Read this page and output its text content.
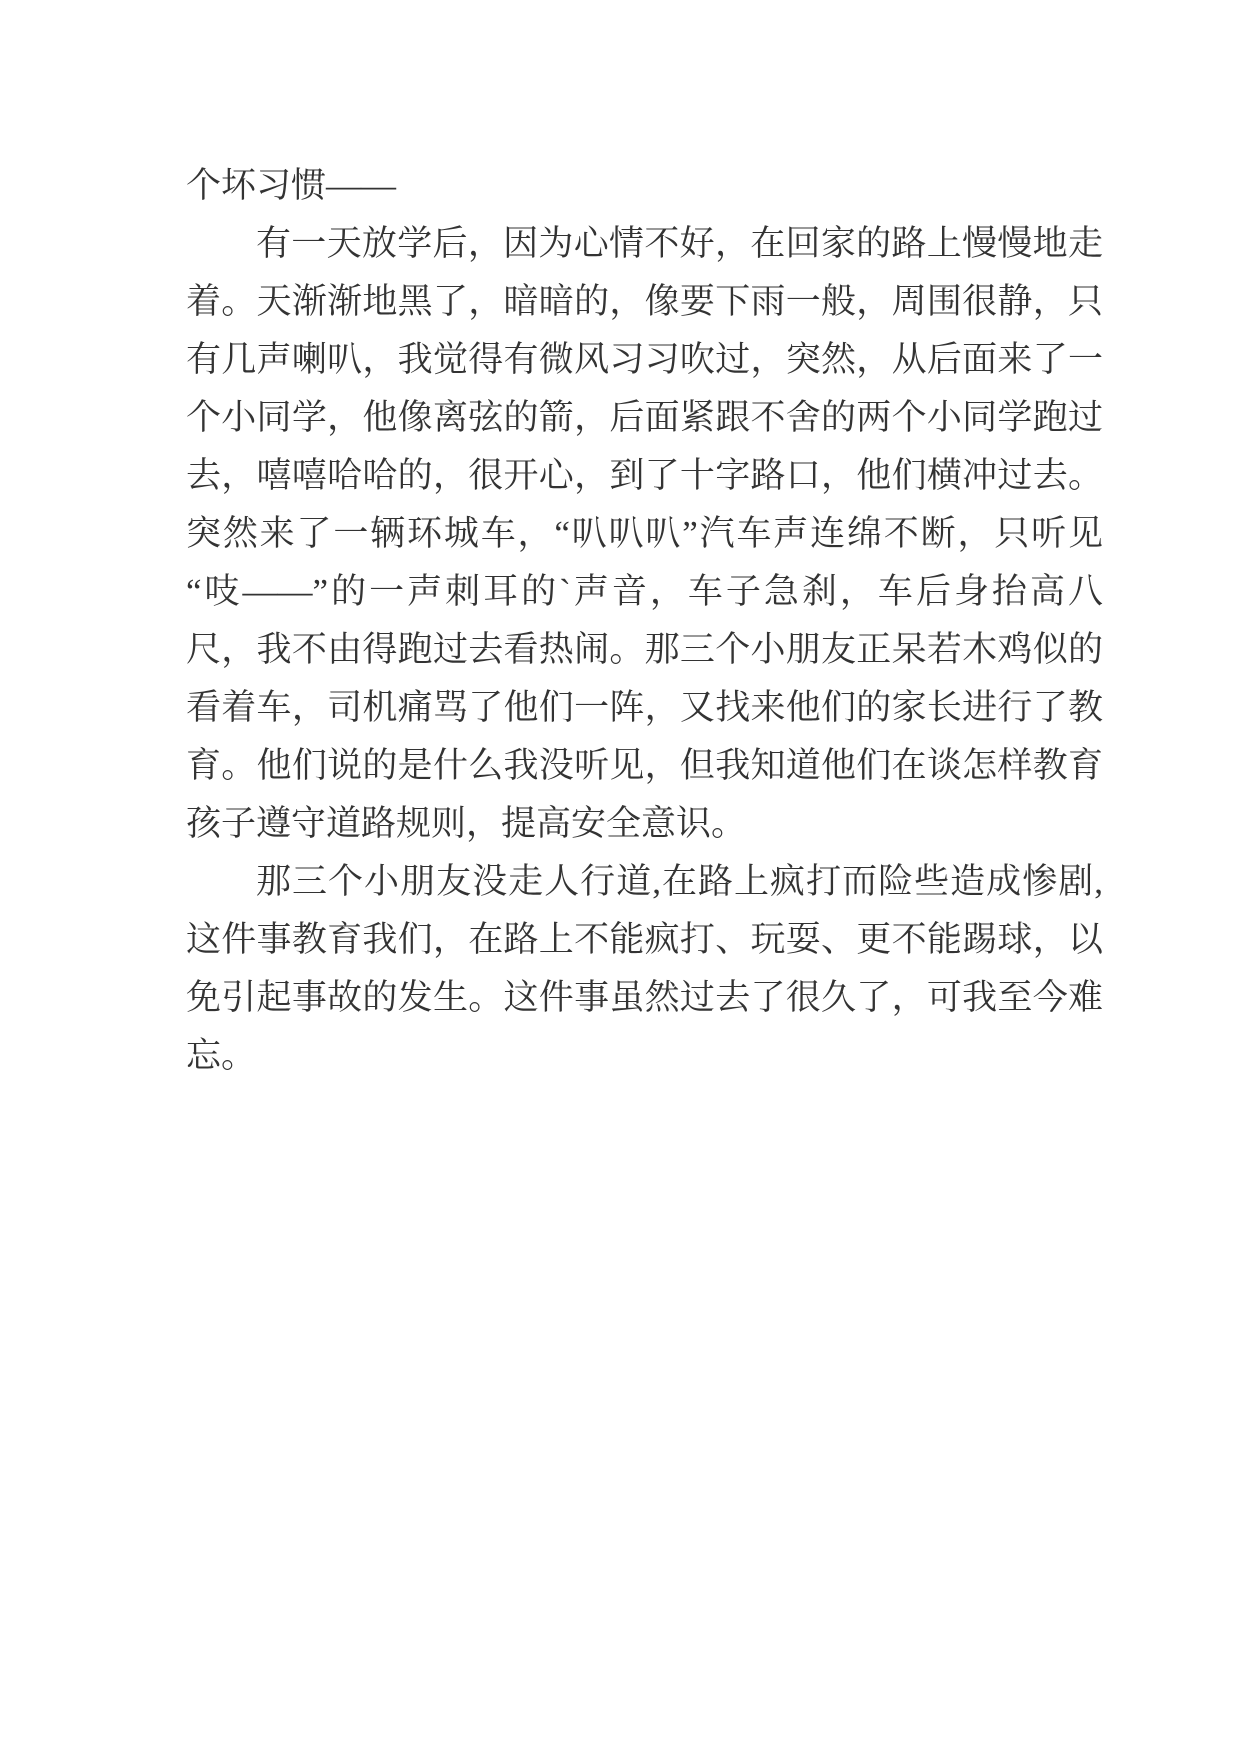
个坏习惯——
有一天放学后，因为心情不好，在回家的路上慢慢地走
着。天渐渐地黑了，暗暗的，像要下雨一般，周围很静，只
有几声喇叭，我觉得有微风习习吹过，突然，从后面来了一
个小同学，他像离弦的箭，后面紧跟不舍的两个小同学跑过
去，嘻嘻哈哈的，很开心，到了十字路口，他们横冲过去。
突然来了一辆环城车，“叭叭叭”汽车声连绵不断，只听见
“吱——”的一声刺耳的`声音，车子急刹，车后身抬高八
尺，我不由得跑过去看热闹。那三个小朋友正呆若木鸡似的
看着车，司机痛骂了他们一阵，又找来他们的家长进行了教
育。他们说的是什么我没听见，但我知道他们在谈怎样教育
孩子遵守道路规则，提高安全意识。
那三个小朋友没走人行道,在路上疯打而险些造成惨剧,
这件事教育我们，在路上不能疯打、玩耍、更不能踢球，以
免引起事故的发生。这件事虽然过去了很久了，可我至今难
忘。
